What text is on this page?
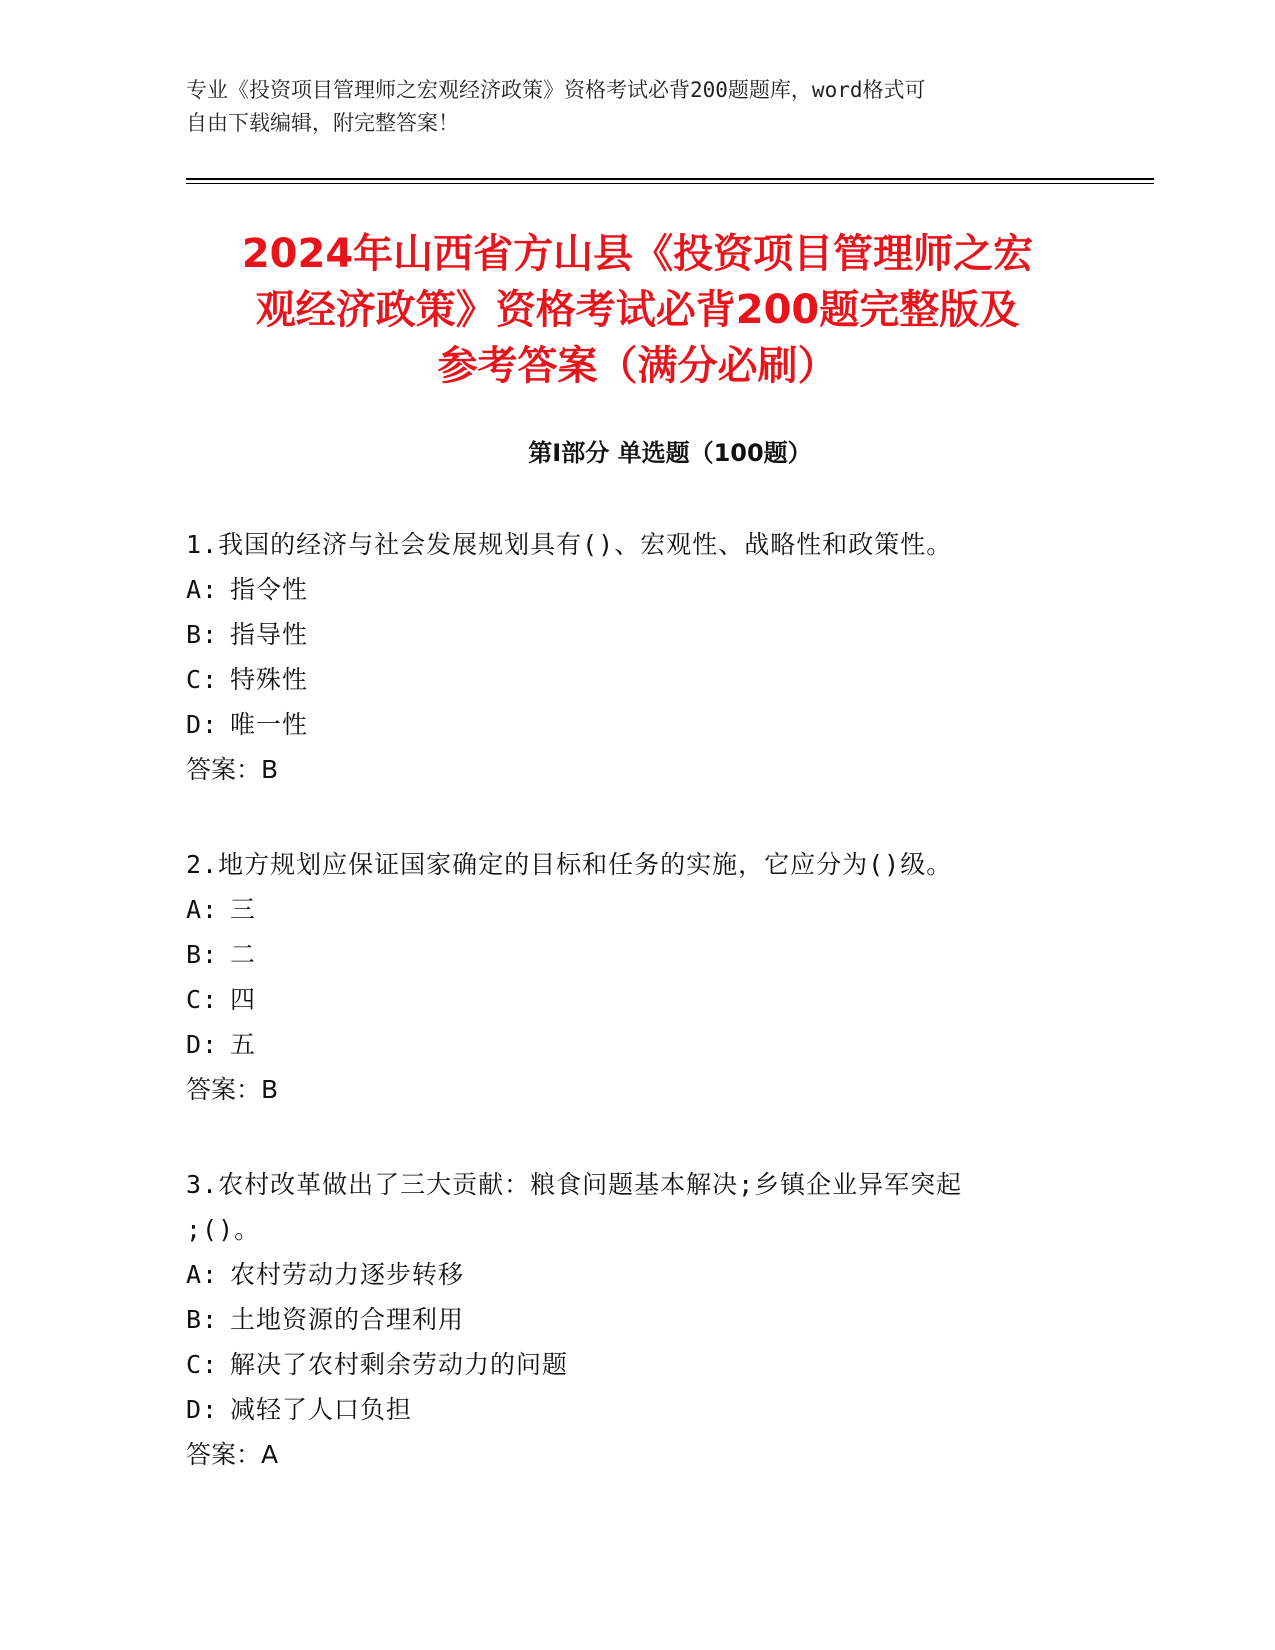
专业《投资项目管理师之宏观经济政策》资格考试必背200题题库，word格式可
自由下载编辑，附完整答案！
2024年山西省方山县《投资项目管理师之宏
观经济政策》资格考试必背200题完整版及
参考答案（满分必刷）
第Ⅰ部分 单选题（100题）
1.我国的经济与社会发展规划具有()、宏观性、战略性和政策性。
A: 指令性
B: 指导性
C: 特殊性
D: 唯一性
答案：B
2.地方规划应保证国家确定的目标和任务的实施，它应分为()级。
A: 三
B: 二
C: 四
D: 五
答案：B
3.农村改革做出了三大贡献：粮食问题基本解决;乡镇企业异军突起
;()。
A: 农村劳动力逐步转移
B: 土地资源的合理利用
C: 解决了农村剩余劳动力的问题
D: 减轻了人口负担
答案：A
